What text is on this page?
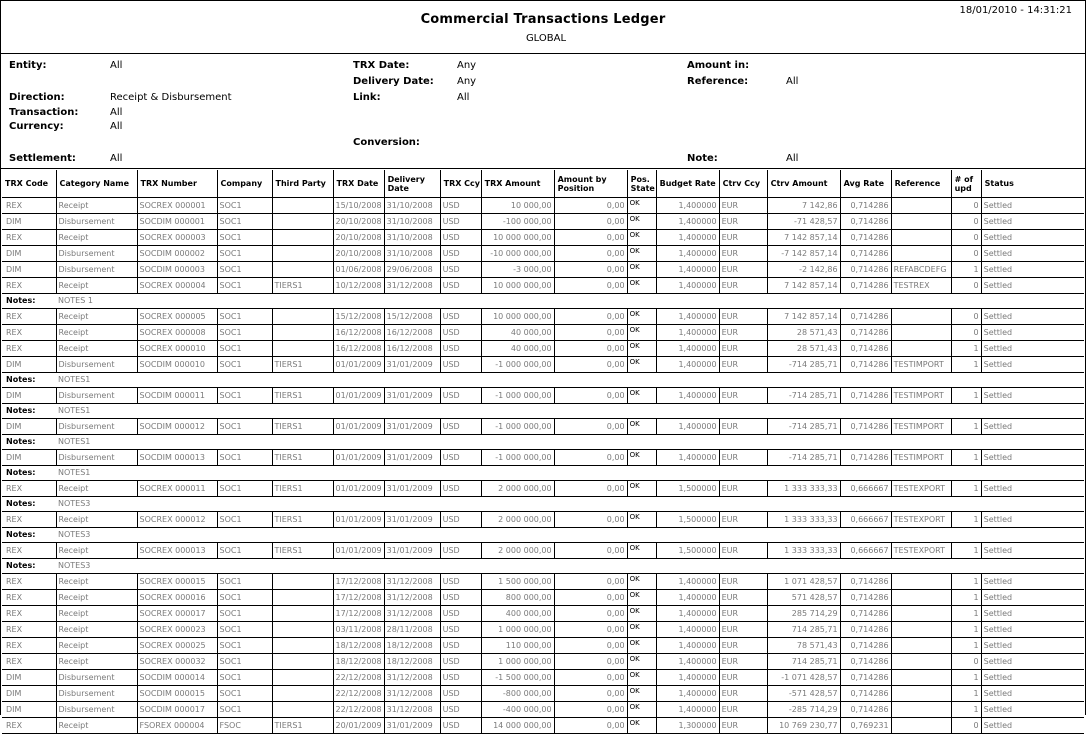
Commercial Transactions Ledger
GLOBAL
18/01/2010 - 14:31:21
Entity:	All
Direction:	Receipt & Disbursement
Transaction:	All
Currency:	All
Settlement:	All
TRX Date:	Any
Delivery Date: Any
Link:	All
Conversion:
Amount in:
Reference:	All
Note:	All
TRX Code	Category Name	TRX Number	Company	Third Party	TRX Date	Delivery Date	TRX Ccy	TRX Amount	Amount by Position	Pos. State	Budget Rate	Ctrv Ccy	Ctrv Amount	Avg Rate	Reference	# of upd	Status
REX	Receipt	SOCREX 000001	SOC1		15/10/2008	31/10/2008	USD	10 000,00	0,00	OK	1,400000	EUR	7 142,86	0,714286		0	Settled
DIM	Disbursement	SOCDIM 000001	SOC1		20/10/2008	31/10/2008	USD	-100 000,00	0,00	OK	1,400000	EUR	-71 428,57	0,714286		0	Settled
REX	Receipt	SOCREX 000003	SOC1		20/10/2008	31/10/2008	USD	10 000 000,00	0,00	OK	1,400000	EUR	7 142 857,14	0,714286		0	Settled
DIM	Disbursement	SOCDIM 000002	SOC1		20/10/2008	31/10/2008	USD	-10 000 000,00	0,00	OK	1,400000	EUR	-7 142 857,14	0,714286		0	Settled
DIM	Disbursement	SOCDIM 000003	SOC1		01/06/2008	29/06/2008	USD	-3 000,00	0,00	OK	1,400000	EUR	-2 142,86	0,714286	REFABCDEFG	1	Settled
REX	Receipt	SOCREX 000004	SOC1	TIERS1	10/12/2008	31/12/2008	USD	10 000 000,00	0,00	OK	1,400000	EUR	7 142 857,14	0,714286	TESTREX	0	Settled
Notes:	NOTES 1																
REX	Receipt	SOCREX 000005	SOC1		15/12/2008	15/12/2008	USD	10 000 000,00	0,00	OK	1,400000	EUR	7 142 857,14	0,714286		0	Settled
REX	Receipt	SOCREX 000008	SOC1		16/12/2008	16/12/2008	USD	40 000,00	0,00	OK	1,400000	EUR	28 571,43	0,714286		0	Settled
REX	Receipt	SOCREX 000010	SOC1		16/12/2008	16/12/2008	USD	40 000,00	0,00	OK	1,400000	EUR	28 571,43	0,714286		1	Settled
DIM	Disbursement	SOCDIM 000010	SOC1	TIERS1	01/01/2009	31/01/2009	USD	-1 000 000,00	0,00	OK	1,400000	EUR	-714 285,71	0,714286	TESTIMPORT	1	Settled
Notes:	NOTES1																
DIM	Disbursement	SOCDIM 000011	SOC1	TIERS1	01/01/2009	31/01/2009	USD	-1 000 000,00	0,00	OK	1,400000	EUR	-714 285,71	0,714286	TESTIMPORT	1	Settled
Notes:	NOTES1																
DIM	Disbursement	SOCDIM 000012	SOC1	TIERS1	01/01/2009	31/01/2009	USD	-1 000 000,00	0,00	OK	1,400000	EUR	-714 285,71	0,714286	TESTIMPORT	1	Settled
Notes:	NOTES1																
DIM	Disbursement	SOCDIM 000013	SOC1	TIERS1	01/01/2009	31/01/2009	USD	-1 000 000,00	0,00	OK	1,400000	EUR	-714 285,71	0,714286	TESTIMPORT	1	Settled
Notes:	NOTES1																
REX	Receipt	SOCREX 000011	SOC1	TIERS1	01/01/2009	31/01/2009	USD	2 000 000,00	0,00	OK	1,500000	EUR	1 333 333,33	0,666667	TESTEXPORT	1	Settled
Notes:	NOTES3																
REX	Receipt	SOCREX 000012	SOC1	TIERS1	01/01/2009	31/01/2009	USD	2 000 000,00	0,00	OK	1,500000	EUR	1 333 333,33	0,666667	TESTEXPORT	1	Settled
Notes:	NOTES3																
REX	Receipt	SOCREX 000013	SOC1	TIERS1	01/01/2009	31/01/2009	USD	2 000 000,00	0,00	OK	1,500000	EUR	1 333 333,33	0,666667	TESTEXPORT	1	Settled
Notes:	NOTES3																
REX	Receipt	SOCREX 000015	SOC1		17/12/2008	31/12/2008	USD	1 500 000,00	0,00	OK	1,400000	EUR	1 071 428,57	0,714286		1	Settled
REX	Receipt	SOCREX 000016	SOC1		17/12/2008	31/12/2008	USD	800 000,00	0,00	OK	1,400000	EUR	571 428,57	0,714286		1	Settled
REX	Receipt	SOCREX 000017	SOC1		17/12/2008	31/12/2008	USD	400 000,00	0,00	OK	1,400000	EUR	285 714,29	0,714286		1	Settled
REX	Receipt	SOCREX 000023	SOC1		03/11/2008	28/11/2008	USD	1 000 000,00	0,00	OK	1,400000	EUR	714 285,71	0,714286		1	Settled
REX	Receipt	SOCREX 000025	SOC1		18/12/2008	18/12/2008	USD	110 000,00	0,00	OK	1,400000	EUR	78 571,43	0,714286		1	Settled
REX	Receipt	SOCREX 000032	SOC1		18/12/2008	18/12/2008	USD	1 000 000,00	0,00	OK	1,400000	EUR	714 285,71	0,714286		0	Settled
DIM	Disbursement	SOCDIM 000014	SOC1		22/12/2008	31/12/2008	USD	-1 500 000,00	0,00	OK	1,400000	EUR	-1 071 428,57	0,714286		1	Settled
DIM	Disbursement	SOCDIM 000015	SOC1		22/12/2008	31/12/2008	USD	-800 000,00	0,00	OK	1,400000	EUR	-571 428,57	0,714286		1	Settled
DIM	Disbursement	SOCDIM 000017	SOC1		22/12/2008	31/12/2008	USD	-400 000,00	0,00	OK	1,400000	EUR	-285 714,29	0,714286		1	Settled
REX	Receipt	FSOREX 000004	FSOC	TIERS1	20/01/2009	31/01/2009	USD	14 000 000,00	0,00	OK	1,300000	EUR	10 769 230,77	0,769231		0	Settled
